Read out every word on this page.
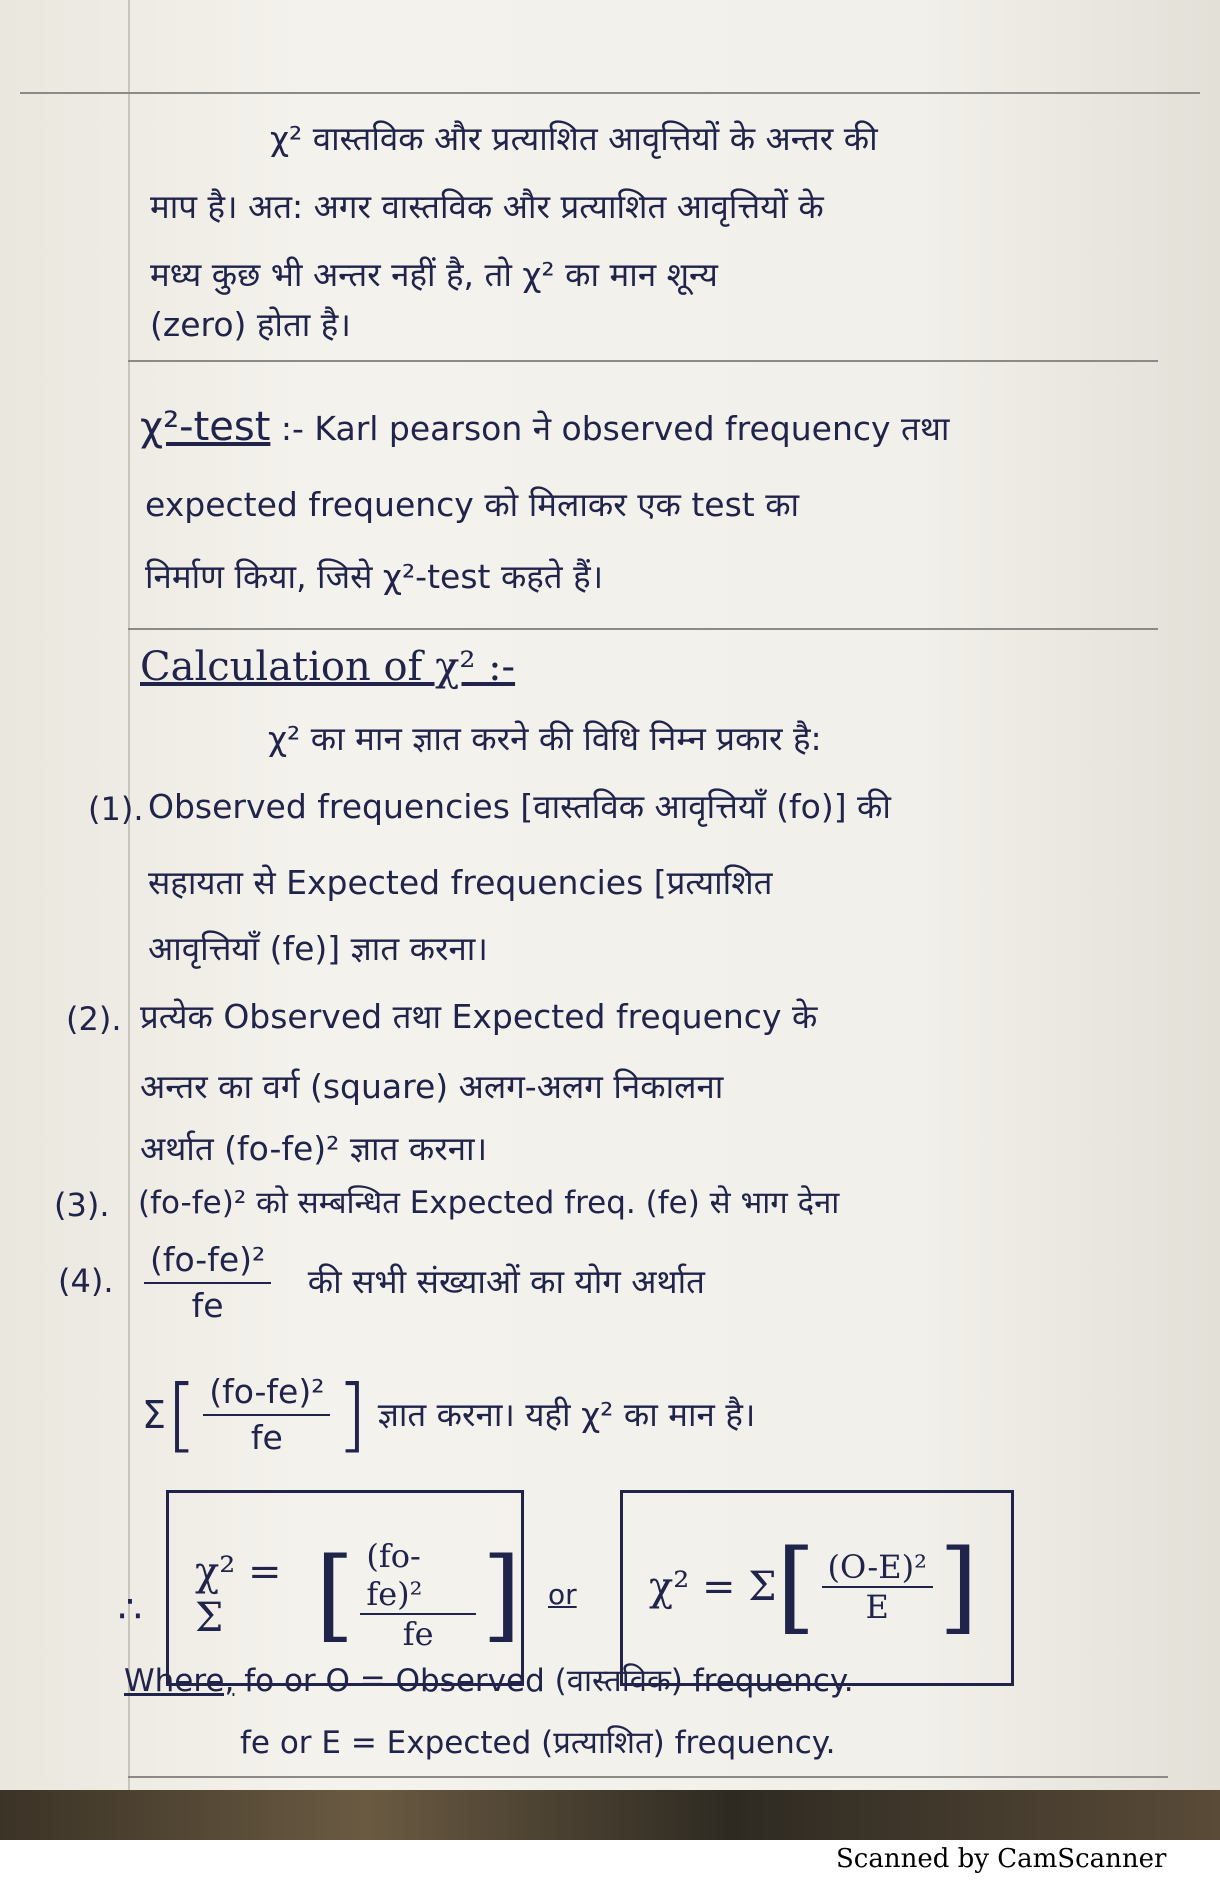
χ² वास्तविक और प्रत्याशित आवृत्तियों के अन्तर की
माप है। अत: अगर वास्तविक और प्रत्याशित आवृत्तियों के
मध्य कुछ भी अन्तर नहीं है, तो χ² का मान शून्य
(zero) होता है।
χ²-test :- Karl pearson ने observed frequency तथा
expected frequency को मिलाकर एक test का
निर्माण किया, जिसे χ²-test कहते हैं।
Calculation of χ² :-
χ² का मान ज्ञात करने की विधि निम्न प्रकार है:
(1). Observed frequencies [वास्तविक आवृत्तियाँ (fo)] की
सहायता से Expected frequencies [प्रत्याशित
आवृत्तियाँ (fe)] ज्ञात करना।
(2). प्रत्येक Observed तथा Expected frequency के
अन्तर का वर्ग (square) अलग-अलग निकालना
अर्थात (fo-fe)² ज्ञात करना।
(3). (fo-fe)² को सम्बन्धित Expected freq. (fe) से भाग देना
(4). $\frac{\text{(fo-fe)²}}{fe}$ की सभी संख्याओं का योग अर्थात
Σ [ $\frac{\text{(fo-fe)²}}{fe}$ ] ज्ञात करना। यही χ² का मान है।
∴
χ² = Σ [ $\frac{\text{(fo-fe)²}}{fe}$ ] or χ² = Σ [ $\frac{\text{(O-E)²}}{E}$ ]
Where, fo or O = Observed (वास्तविक) frequency.
fe or E = Expected (प्रत्याशित) frequency.
Scanned by CamScanner
